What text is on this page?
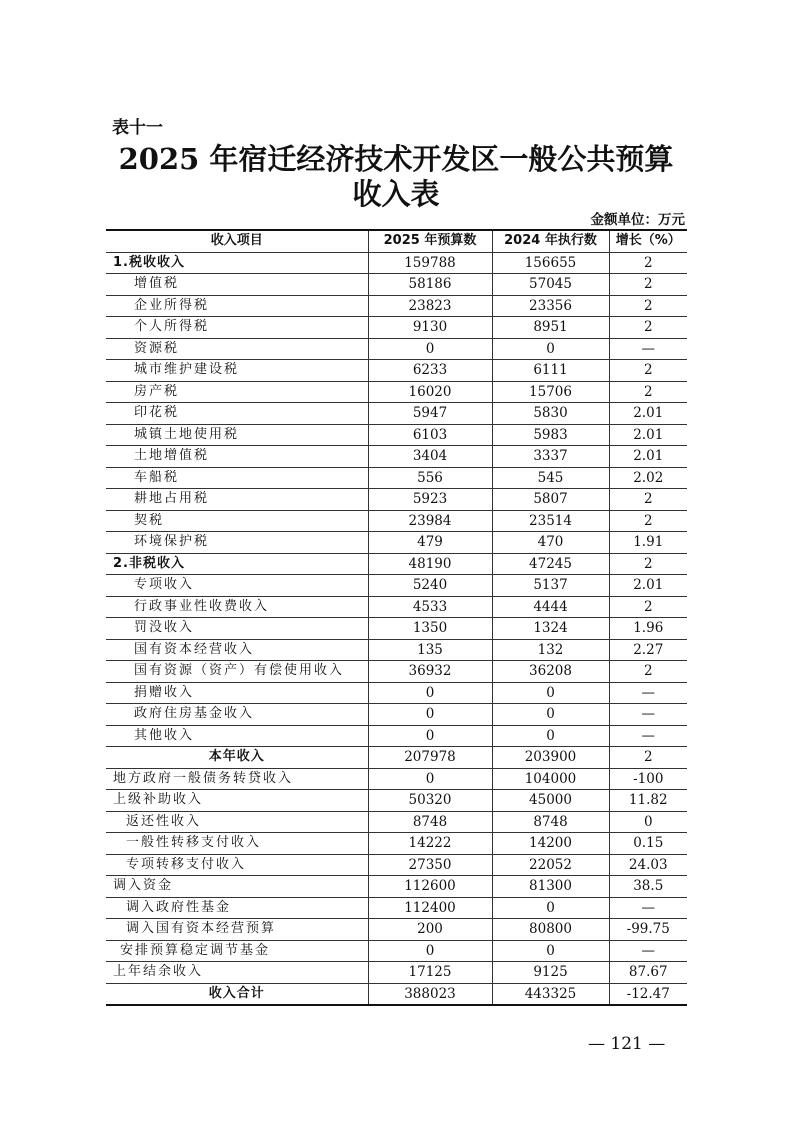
表十一
2025 年宿迁经济技术开发区一般公共预算
收入表
金额单位：万元
收入项目	2025 年预算数	2024 年执行数	增长（%）
1.税收收入	159788	156655	2
增值税	58186	57045	2
企业所得税	23823	23356	2
个人所得税	9130	8951	2
资源税	0	0	—
城市维护建设税	6233	6111	2
房产税	16020	15706	2
印花税	5947	5830	2.01
城镇土地使用税	6103	5983	2.01
土地增值税	3404	3337	2.01
车船税	556	545	2.02
耕地占用税	5923	5807	2
契税	23984	23514	2
环境保护税	479	470	1.91
2.非税收入	48190	47245	2
专项收入	5240	5137	2.01
行政事业性收费收入	4533	4444	2
罚没收入	1350	1324	1.96
国有资本经营收入	135	132	2.27
国有资源（资产）有偿使用收入	36932	36208	2
捐赠收入	0	0	—
政府住房基金收入	0	0	—
其他收入	0	0	—
本年收入	207978	203900	2
地方政府一般债务转贷收入	0	104000	-100
上级补助收入	50320	45000	11.82
返还性收入	8748	8748	0
一般性转移支付收入	14222	14200	0.15
专项转移支付收入	27350	22052	24.03
调入资金	112600	81300	38.5
调入政府性基金	112400	0	—
调入国有资本经营预算	200	80800	-99.75
安排预算稳定调节基金	0	0	—
上年结余收入	17125	9125	87.67
收入合计	388023	443325	-12.47
— 121 —
